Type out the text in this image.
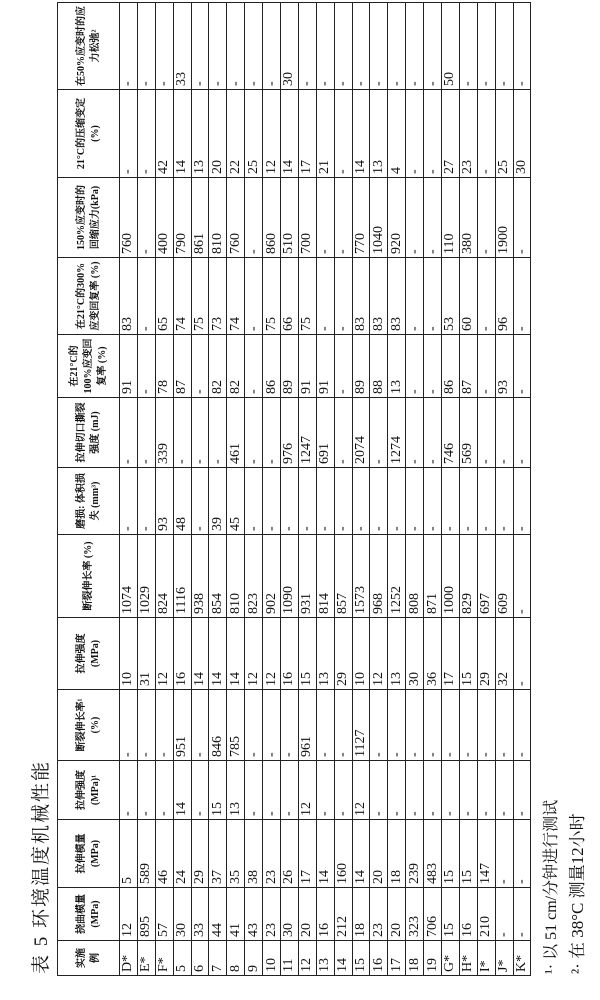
表 5 环境温度机械性能 实施例	挠曲模量 (MPa)	拉伸模量 (MPa)	拉伸强度 (MPa)¹	断裂伸长率¹ (%)	拉伸强度(MPa)	断裂伸长率 (%)	磨损: 体积损失 (mm³)	拉伸切口撕裂强度 (mJ)	在21°C的100%应变回复率 (%)	在21°C的300%应变回复率 (%)	150%应变时的回缩应力(kPa)	21°C的压缩变定 (%)	在50%应变时的应力松弛²
D*	12	5	-	-	10	1074	-	-	91	83	760	-	-
E*	895	589	-	-	31	1029	-	-	-	-	-	-	-
F*	57	46	-	-	12	824	93	339	78	65	400	42	-
5	30	24	14	951	16	1116	48	-	87	74	790	14	33
6	33	29	-	-	14	938	-	-	-	75	861	13	-
7	44	37	15	846	14	854	39	-	82	73	810	20	-
8	41	35	13	785	14	810	45	461	82	74	760	22	-
9	43	38	-	-	12	823	-	-	-	-	-	25	-
10	23	23	-	-	12	902	-	-	86	75	860	12	-
11	30	26	-	-	16	1090	-	976	89	66	510	14	30
12	20	17	12	961	15	931	-	1247	91	75	700	17	-
13	16	14	-	-	13	814	-	691	91	-	-	21	-
14	212	160	-	-	29	857	-	-	-	-	-	-	-
15	18	14	12	1127	10	1573	-	2074	89	83	770	14	-
16	23	20	-	-	12	968	-	-	88	83	1040	13	-
17	20	18	-	-	13	1252	-	1274	13	83	920	4	-
18	323	239	-	-	30	808	-	-	-	-	-	-	-
19	706	483	-	-	36	871	-	-	-	-	-	-	-
G*	15	15	-	-	17	1000	-	746	86	53	110	27	50
H*	16	15	-	-	15	829	-	569	87	60	380	23	-
I*	210	147	-	-	29	697	-	-	-	-	-	-	-
J*	-	-	-	-	32	609	-	-	93	96	1900	25	-
K*	-	-	-	-	-	-	-	-	-	-	-	30	-
¹· 以 51 cm/分钟进行测试 ²· 在 38°C 测量12小时
